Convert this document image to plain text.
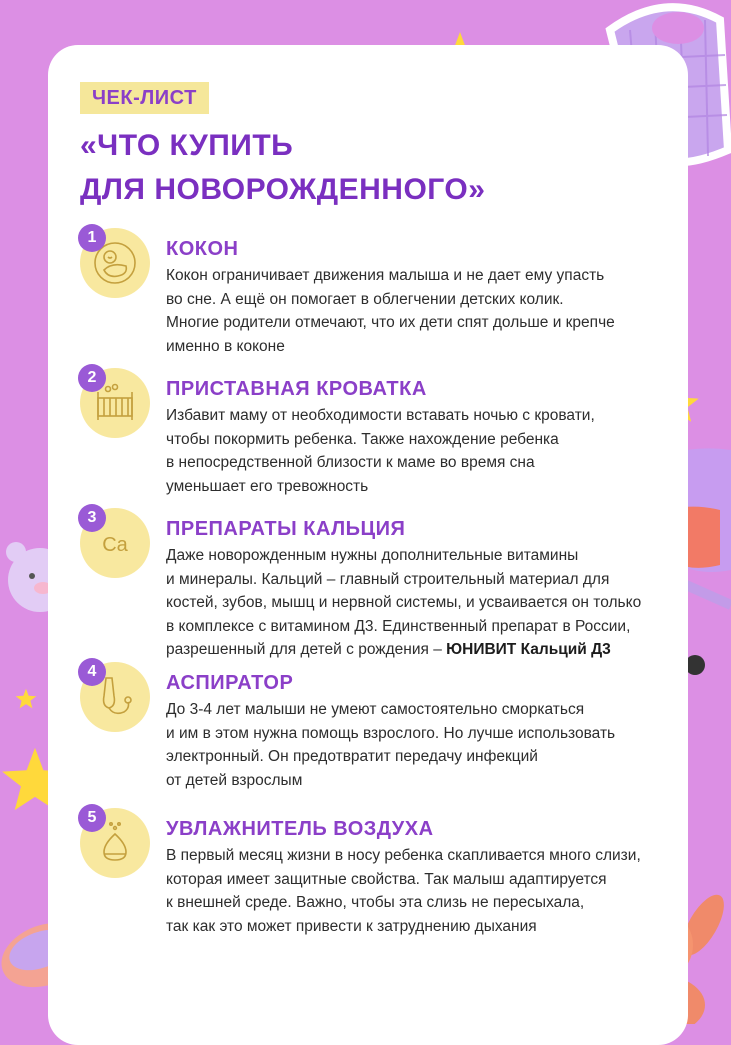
ЧЕК-ЛИСТ
«ЧТО КУПИТЬ
ДЛЯ НОВОРОЖДЕННОГО»
1
КОКОН

Кокон ограничивает движения малыша и не дает ему упасть
во сне. А ещё он помогает в облегчении детских колик.
Многие родители отмечают, что их дети спят дольше и крепче
именно в коконе

2
ПРИСТАВНАЯ КРОВАТКА

Избавит маму от необходимости вставать ночью с кровати,
чтобы покормить ребенка. Также нахождение ребенка
в непосредственной близости к маме во время сна
уменьшает его тревожность

3
Ca
ПРЕПАРАТЫ КАЛЬЦИЯ

Даже новорожденным нужны дополнительные витамины
и минералы. Кальций – главный строительный материал для
костей, зубов, мышц и нервной системы, и усваивается он только
в комплексе с витамином Д3. Единственный препарат в России,
разрешенный для детей с рождения – ЮНИВИТ Кальций Д3

4
АСПИРАТОР

До 3-4 лет малыши не умеют самостоятельно сморкаться
и им в этом нужна помощь взрослого. Но лучше использовать
электронный. Он предотвратит передачу инфекций
от детей взрослым

5
УВЛАЖНИТЕЛЬ ВОЗДУХА

В первый месяц жизни в носу ребенка скапливается много слизи,
которая имеет защитные свойства. Так малыш адаптируется
к внешней среде. Важно, чтобы эта слизь не пересыхала,
так как это может привести к затруднению дыхания
